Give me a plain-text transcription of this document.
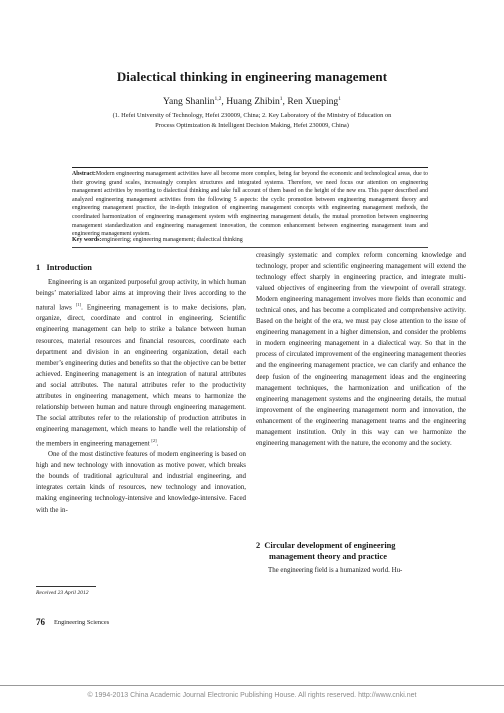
Dialectical thinking in engineering management
Yang Shanlin$^{1,2}$, Huang Zhibin$^1$, Ren Xueping$^1$
(1. Hefei University of Technology, Hefei 230009, China; 2. Key Laboratory of the Ministry of Education on
Process Optimization & Intelligent Decision Making, Hefei 230009, China)
Abstract:Modern engineering management activities have all become more complex, being far beyond the economic and technological areas, due to their growing grand scales, increasingly complex structures and integrated systems. Therefore, we need focus our attention on engineering management activities by resorting to dialectical thinking and take full account of them based on the height of the new era. This paper described and analyzed engineering management activities from the following 5 aspects: the cyclic promotion between engineering management theory and engineering management practice, the in-depth integration of engineering management concepts with engineering management methods, the coordinated harmonization of engineering management system with engineering management details, the mutual promotion between engineering management standardization and engineering management innovation, the common enhancement between engineering management team and engineering management system.
Key words:engineering; engineering management; dialectical thinking
1 Introduction

Engineering is an organized purposeful group activity, in which human beings’ materialized labor aims at improving their lives according to the natural laws [1]. Engineering management is to make decisions, plan, organize, direct, coordinate and control in engineering. Scientific engineering management can help to strike a balance between human resources, material resources and financial resources, coordinate each department and division in an engineering organization, detail each member’s engineering duties and benefits so that the objective can be better achieved. Engineering management is an integration of natural attributes and social attributes. The natural attributes refer to the productivity attributes in engineering management, which means to harmonize the relationship between human and nature through engineering management. The social attributes refer to the relationship of production attributes in engineering management, which means to handle well the relationship of the members in engineering management [2].

One of the most distinctive features of modern engineering is based on high and new technology with innovation as motive power, which breaks the bounds of traditional agricultural and industrial engineering, and integrates certain kinds of resources, new technology and innovation, making engineering technology-intensive and knowledge-intensive. Faced with the in-

creasingly systematic and complex reform concerning knowledge and technology, proper and scientific engineering management will extend the technology effect sharply in engineering practice, and integrate multi-valued objectives of engineering from the viewpoint of overall strategy. Modern engineering management involves more fields than economic and technical ones, and has become a complicated and comprehensive activity. Based on the height of the era, we must pay close attention to the issue of engineering management in a higher dimension, and consider the problems in modern engineering management in a dialectical way. So that in the process of circulated improvement of the engineering management theories and the engineering management practice, we can clarify and enhance the deep fusion of the engineering management ideas and the engineering management techniques, the harmonization and unification of the engineering management systems and the engineering details, the mutual improvement of the engineering management norm and innovation, the enhancement of the engineering management teams and the engineering management institution. Only in this way can we harmonize the engineering management with the nature, the economy and the society.

2 Circular development of engineering
management theory and practice

The engineering field is a humanized world. Hu-

Received 23 April 2012
76 Engineering Sciences
© 1994-2013 China Academic Journal Electronic Publishing House. All rights reserved. http://www.cnki.net
